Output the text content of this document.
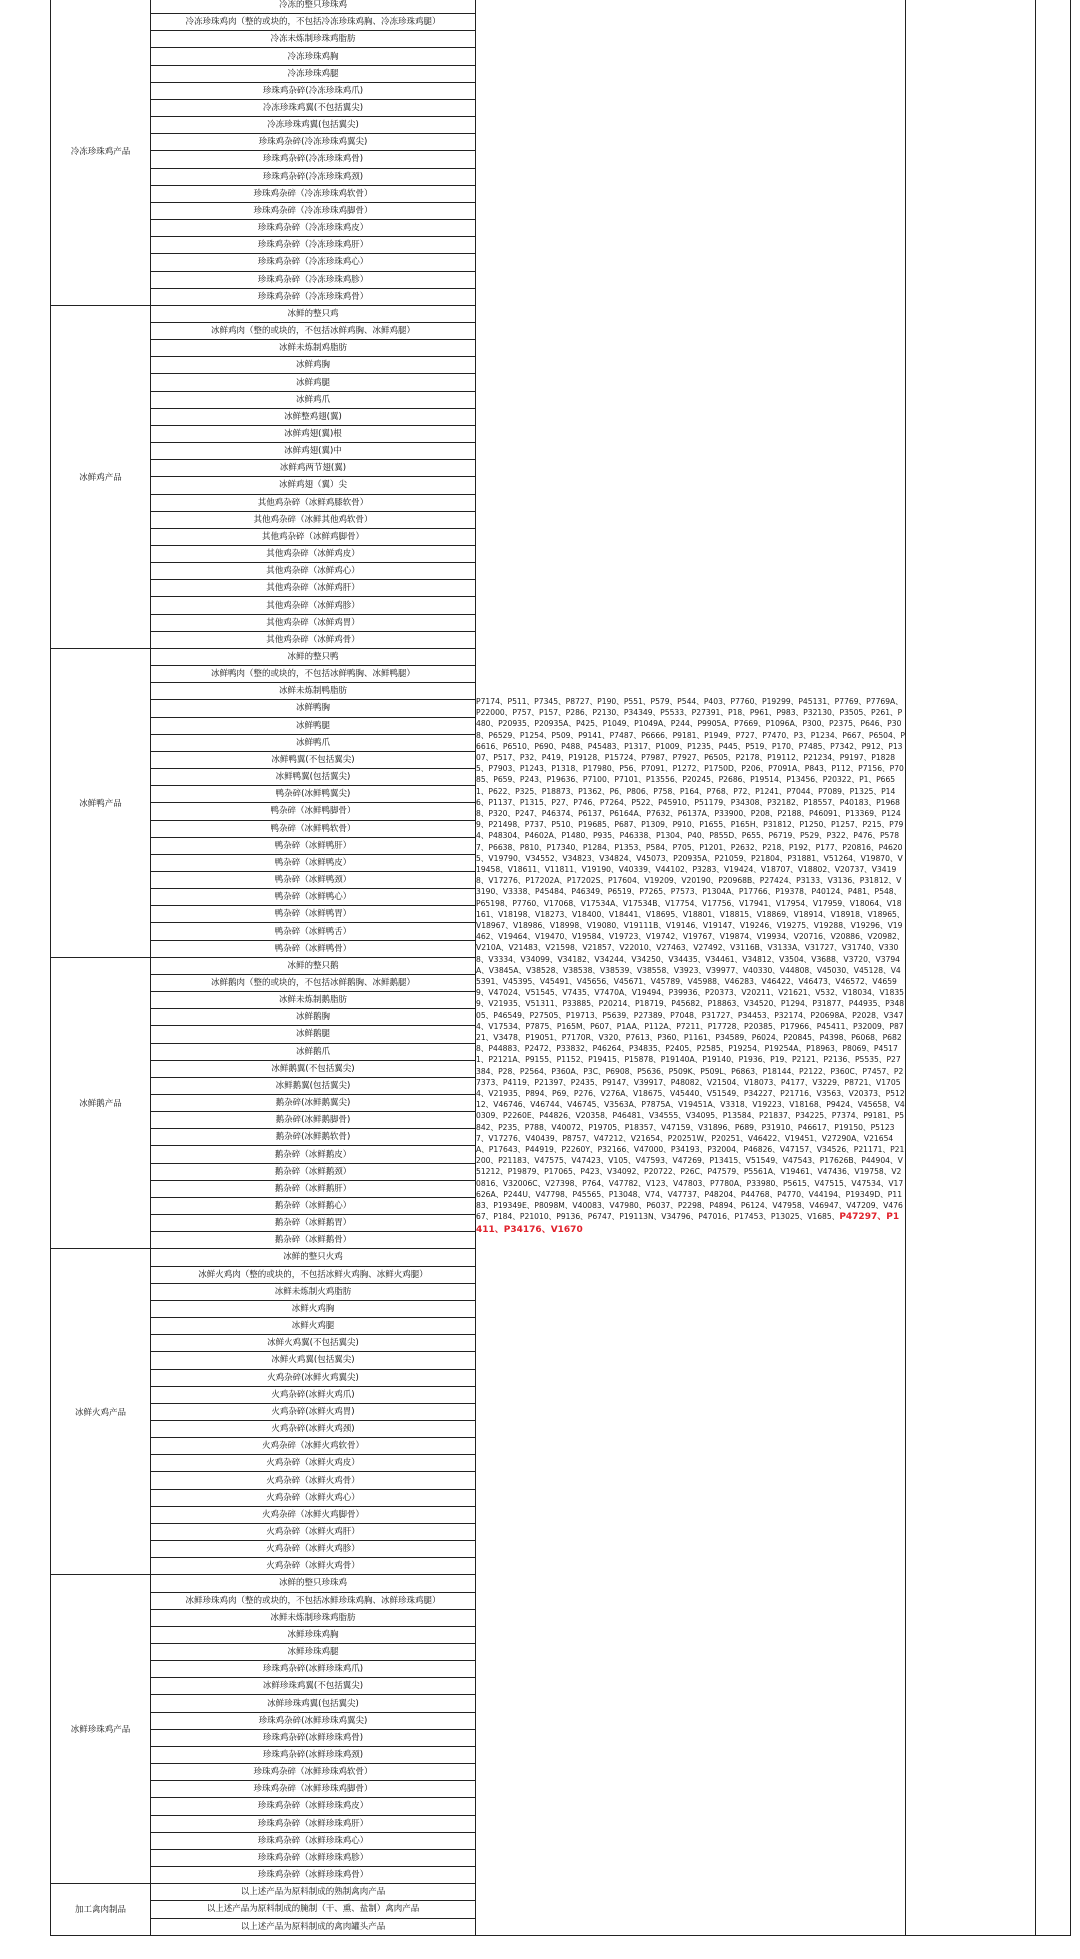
冷冻珍珠鸡产品	冷冻的整只珍珠鸡	P7174、P511、P7345、P8727、P190、P551、P579、P544、P403、P7760、P19299、P45131、P7769、P7769A、P22000、P757、P157、P286、P2130、P34349、P5533、P27391、P18、P961、P983、P32130、P3505、P261、P480、P20935、P20935A、P425、P1049、P1049A、P244、P9905A、P7669、P1096A、P300、P2375、P646、P308、P6529、P1254、P509、P9141、P7487、P6666、P9181、P1949、P727、P7470、P3、P1234、P667、P6504、P6616、P6510、P690、P488、P45483、P1317、P1009、P1235、P445、P519、P170、P7485、P7342、P912、P1307、P517、P32、P419、P19128、P15724、P7987、P7927、P6505、P2178、P19112、P21234、P9197、P18285、P7903、P1243、P1318、P17980、P56、P7091、P1272、P1750D、P206、P7091A、P843、P112、P7156、P7085、P659、P243、P19636、P7100、P7101、P13556、P20245、P2686、P19514、P13456、P20322、P1、P6651、P622、P325、P18873、P1362、P6、P806、P758、P164、P768、P72、P1241、P7044、P7089、P1325、P146、P1137、P1315、P27、P746、P7264、P522、P45910、P51179、P34308、P32182、P18557、P40183、P19688、P320、P247、P46374、P6137、P6164A、P7632、P6137A、P33900、P208、P2188、P46091、P13369、P1249、P21498、P737、P510、P19685、P687、P1309、P910、P1655、P165H、P31812、P1250、P1257、P215、P794、P48304、P4602A、P1480、P935、P46338、P1304、P40、P855D、P655、P6719、P529、P322、P476、P5787、P6638、P810、P17340、P1284、P1353、P584、P705、P1201、P2632、P218、P192、P177、P20816、P46205、V19790、V34552、V34823、V34824、V45073、P20935A、P21059、P21804、P31881、V51264、V19870、V19458、V18611、V11811、V19190、V40339、V44102、P3283、V19424、V18707、V18802、V20737、V34198、V17276、P17202A、P17202S、P17604、V19209、V20190、P20968B、P27424、P3133、V3136、P31812、V3190、V3338、P45484、P46349、P6519、P7265、P7573、P1304A、P17766、P19378、P40124、P481、P548、P65198、P7760、V17068、V17534A、V17534B、V17754、V17756、V17941、V17954、V17959、V18064、V18161、V18198、V18273、V18400、V18441、V18695、V18801、V18815、V18869、V18914、V18918、V18965、V18967、V18986、V18998、V19080、V19111B、V19146、V19147、V19246、V19275、V19288、V19296、V19462、V19464、V19470、V19584、V19723、V19742、V19767、V19874、V19934、V20716、V20886、V20982、V210A、V21483、V21598、V21857、V22010、V27463、V27492、V3116B、V3133A、V31727、V31740、V3308、V3334、V34099、V34182、V34244、V34250、V34435、V34461、V34812、V3504、V3688、V3720、V3794A、V3845A、V38528、V38538、V38539、V38558、V3923、V39977、V40330、V44808、V45030、V45128、V45391、V45395、V45491、V45656、V45671、V45789、V45988、V46283、V46422、V46473、V46572、V46599、V47024、V51545、V7435、V7470A、V19494、P39936、P20373、V20211、V21621、V532、V18034、V18359、V21935、V51311、P33885、P20214、P18719、P45682、P18863、V34520、P1294、P31877、P44935、P34805、P46549、P27505、P19713、P5639、P27389、P7048、P31727、P34453、P32174、P20698A、P2028、V3474、V17534、P7875、P165M、P607、P1AA、P112A、P7211、P17728、P20385、P17966、P45411、P32009、P8721、V3478、P19051、P7170R、V320、P7613、P360、P1161、P34589、P6024、P20845、P4398、P6068、P6828、P44883、P2472、P33832、P46264、P34835、P2405、P2585、P19254、P19254A、P18963、P8069、P45171、P2121A、P9155、P1152、P19415、P15878、P19140A、P19140、P1936、P19、P2121、P2136、P5535、P27384、P28、P2564、P360A、P3C、P6908、P5636、P509K、P509L、P6863、P18144、P2122、P360C、P7457、P27373、P4119、P21397、P2435、P9147、V39917、P48082、V21504、V18073、P4177、V3229、P8721、V17054、V21935、P894、P69、P276、V276A、V18675、V45440、V51549、P34227、P21716、V3563、V20373、P51212、V46746、V46744、V46745、V3563A、P7875A、V19451A、V3318、V19223、V18168、P9424、V45658、V40309、P2260E、P44826、V20358、P46481、V34555、V34095、P13584、P21837、P34225、P7374、P9181、P5842、P235、P788、V40072、P19705、P18357、V47159、V31896、P689、P31910、P46617、P19150、P51237、V17276、V40439、P8757、V47212、V21654、P20251W、P20251、V46422、V19451、V27290A、V21654A、P17643、P44919、P2260Y、P32166、V47000、P34193、P32004、P46826、V47157、V34526、P21171、P21200、P21183、V47575、V47423、V105、V47593、V47269、P13415、V51549、V47543、P17626B、P44904、V51212、P19879、P17065、P423、V34092、P20722、P26C、P47579、P5561A、V19461、V47436、V19758、V20816、V32006C、V27398、P764、V47782、V123、V47803、P7780A、P33980、P5615、V47515、V47534、V17626A、P244U、V47798、P45565、P13048、V74、V47737、P48204、P44768、P4770、V44194、P19349D、P1183、P19349E、P8098M、V40083、V47980、P6037、P2298、P4894、P6124、V47958、V46947、V47209、V47667、P184、P21010、P9136、P6747、P19113N、V34796、P47016、P17453、P13025、V1685、P47297、P1411、P34176、V1670		
	冷冻珍珠鸡肉（整的或块的，不包括冷冻珍珠鸡胸、冷冻珍珠鸡腿）			
	冷冻未炼制珍珠鸡脂肪			
	冷冻珍珠鸡胸			
	冷冻珍珠鸡腿			
	珍珠鸡杂碎(冷冻珍珠鸡爪)			
	冷冻珍珠鸡翼(不包括翼尖)			
	冷冻珍珠鸡翼(包括翼尖)			
	珍珠鸡杂碎(冷冻珍珠鸡翼尖)			
	珍珠鸡杂碎(冷冻珍珠鸡骨)			
	珍珠鸡杂碎(冷冻珍珠鸡颈)			
	珍珠鸡杂碎（冷冻珍珠鸡软骨）			
	珍珠鸡杂碎（冷冻珍珠鸡脚骨）			
	珍珠鸡杂碎（冷冻珍珠鸡皮）			
	珍珠鸡杂碎（冷冻珍珠鸡肝）			
	珍珠鸡杂碎（冷冻珍珠鸡心）			
	珍珠鸡杂碎（冷冻珍珠鸡胗）			
	珍珠鸡杂碎（冷冻珍珠鸡骨）			
冰鲜鸡产品	冰鲜的整只鸡			
	冰鲜鸡肉（整的或块的，不包括冰鲜鸡胸、冰鲜鸡腿）			
	冰鲜未炼制鸡脂肪			
	冰鲜鸡胸			
	冰鲜鸡腿			
	冰鲜鸡爪			
	冰鲜整鸡翅(翼)			
	冰鲜鸡翅(翼)根			
	冰鲜鸡翅(翼)中			
	冰鲜鸡两节翅(翼)			
	冰鲜鸡翅（翼）尖			
	其他鸡杂碎（冰鲜鸡膝软骨）			
	其他鸡杂碎（冰鲜其他鸡软骨）			
	其他鸡杂碎（冰鲜鸡脚骨）			
	其他鸡杂碎（冰鲜鸡皮）			
	其他鸡杂碎（冰鲜鸡心）			
	其他鸡杂碎（冰鲜鸡肝）			
	其他鸡杂碎（冰鲜鸡胗）			
	其他鸡杂碎（冰鲜鸡胃）			
	其他鸡杂碎（冰鲜鸡骨）			
冰鲜鸭产品	冰鲜的整只鸭			
	冰鲜鸭肉（整的或块的，不包括冰鲜鸭胸、冰鲜鸭腿）			
	冰鲜未炼制鸭脂肪			
	冰鲜鸭胸			
	冰鲜鸭腿			
	冰鲜鸭爪			
	冰鲜鸭翼(不包括翼尖)			
	冰鲜鸭翼(包括翼尖)			
	鸭杂碎(冰鲜鸭翼尖)			
	鸭杂碎（冰鲜鸭脚骨）			
	鸭杂碎（冰鲜鸭软骨）			
	鸭杂碎（冰鲜鸭肝）			
	鸭杂碎（冰鲜鸭皮）			
	鸭杂碎（冰鲜鸭颈）			
	鸭杂碎（冰鲜鸭心）			
	鸭杂碎（冰鲜鸭胃）			
	鸭杂碎（冰鲜鸭舌）			
	鸭杂碎（冰鲜鸭骨）			
冰鲜鹅产品	冰鲜的整只鹅			
	冰鲜鹅肉（整的或块的，不包括冰鲜鹅胸、冰鲜鹅腿）			
	冰鲜未炼制鹅脂肪			
	冰鲜鹅胸			
	冰鲜鹅腿			
	冰鲜鹅爪			
	冰鲜鹅翼(不包括翼尖)			
	冰鲜鹅翼(包括翼尖)			
	鹅杂碎(冰鲜鹅翼尖)			
	鹅杂碎(冰鲜鹅脚骨)			
	鹅杂碎(冰鲜鹅软骨)			
	鹅杂碎（冰鲜鹅皮）			
	鹅杂碎（冰鲜鹅颈）			
	鹅杂碎（冰鲜鹅肝）			
	鹅杂碎（冰鲜鹅心）			
	鹅杂碎（冰鲜鹅胃）			
	鹅杂碎（冰鲜鹅骨）			
冰鲜火鸡产品	冰鲜的整只火鸡			
	冰鲜火鸡肉（整的或块的，不包括冰鲜火鸡胸、冰鲜火鸡腿）			
	冰鲜未炼制火鸡脂肪			
	冰鲜火鸡胸			
	冰鲜火鸡腿			
	冰鲜火鸡翼(不包括翼尖)			
	冰鲜火鸡翼(包括翼尖)			
	火鸡杂碎(冰鲜火鸡翼尖)			
	火鸡杂碎(冰鲜火鸡爪)			
	火鸡杂碎(冰鲜火鸡胃)			
	火鸡杂碎(冰鲜火鸡颈)			
	火鸡杂碎（冰鲜火鸡软骨）			
	火鸡杂碎（冰鲜火鸡皮）			
	火鸡杂碎（冰鲜火鸡骨）			
	火鸡杂碎（冰鲜火鸡心）			
	火鸡杂碎（冰鲜火鸡脚骨）			
	火鸡杂碎（冰鲜火鸡肝）			
	火鸡杂碎（冰鲜火鸡胗）			
	火鸡杂碎（冰鲜火鸡骨）			
冰鲜珍珠鸡产品	冰鲜的整只珍珠鸡			
	冰鲜珍珠鸡肉（整的或块的，不包括冰鲜珍珠鸡胸、冰鲜珍珠鸡腿）			
	冰鲜未炼制珍珠鸡脂肪			
	冰鲜珍珠鸡胸			
	冰鲜珍珠鸡腿			
	珍珠鸡杂碎(冰鲜珍珠鸡爪)			
	冰鲜珍珠鸡翼(不包括翼尖)			
	冰鲜珍珠鸡翼(包括翼尖)			
	珍珠鸡杂碎(冰鲜珍珠鸡翼尖)			
	珍珠鸡杂碎(冰鲜珍珠鸡骨)			
	珍珠鸡杂碎(冰鲜珍珠鸡颈)			
	珍珠鸡杂碎（冰鲜珍珠鸡软骨）			
	珍珠鸡杂碎（冰鲜珍珠鸡脚骨）			
	珍珠鸡杂碎（冰鲜珍珠鸡皮）			
	珍珠鸡杂碎（冰鲜珍珠鸡肝）			
	珍珠鸡杂碎（冰鲜珍珠鸡心）			
	珍珠鸡杂碎（冰鲜珍珠鸡胗）			
	珍珠鸡杂碎（冰鲜珍珠鸡骨）			
加工禽肉制品	以上述产品为原料制成的熟制禽肉产品			
	以上述产品为原料制成的腌制（干、熏、盐制）禽肉产品			
	以上述产品为原料制成的禽肉罐头产品			
